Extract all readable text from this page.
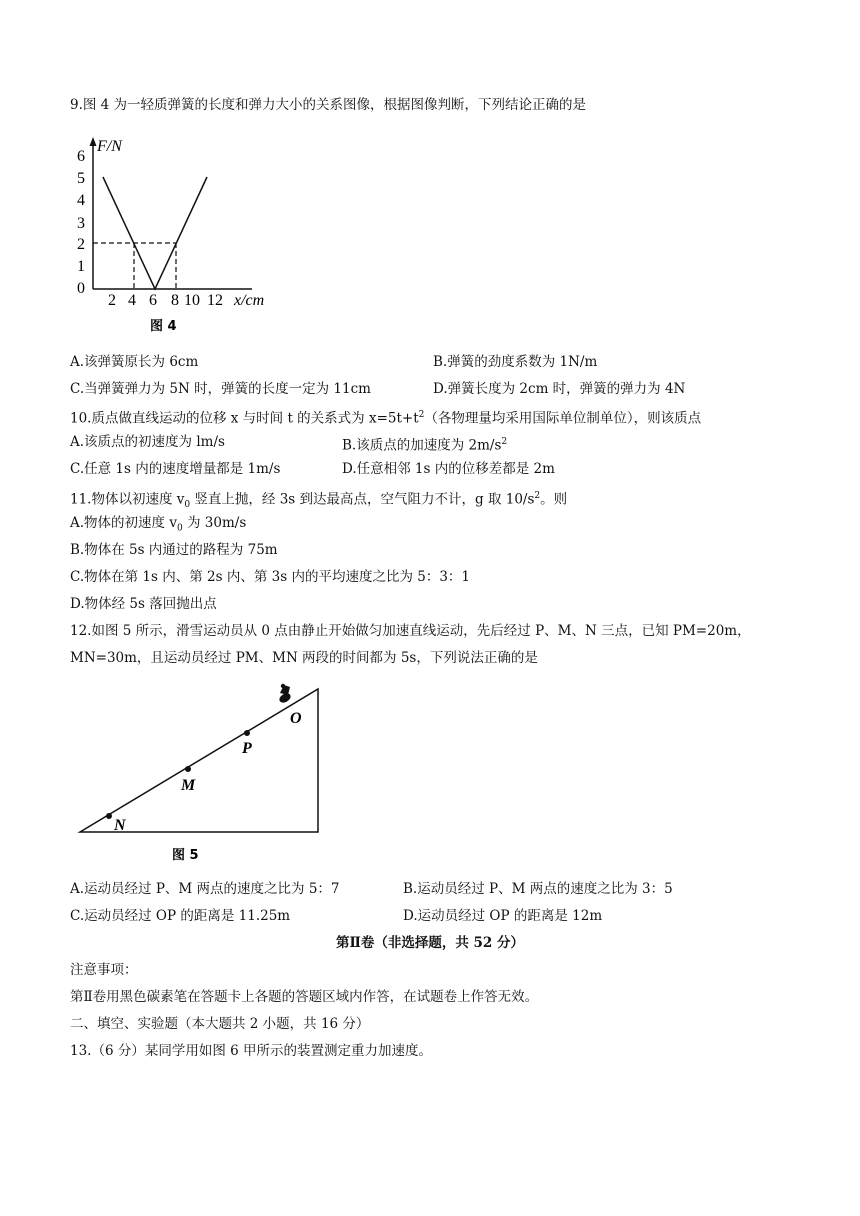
9.图 4 为一轻质弹簧的长度和弹力大小的关系图像，根据图像判断，下列结论正确的是
F/N
6
5
4
3
2
1
0
2 4 6 8 10 12 x/cm
图 4
A.该弹簧原长为 6cm	B.弹簧的劲度系数为 1N/m
C.当弹簧弹力为 5N 时，弹簧的长度一定为 11cm	D.弹簧长度为 2cm 时，弹簧的弹力为 4N
10.质点做直线运动的位移 x 与时间 t 的关系式为 $x=5t+t^2$（各物理量均采用国际单位制单位），则该质点
A.该质点的初速度为 lm/s	B.该质点的加速度为 $2m/s^2$
C.任意 1s 内的速度增量都是 1m/s	D.任意相邻 1s 内的位移差都是 2m
11.物体以初速度 $v_0$ 竖直上抛，经 3s 到达最高点，空气阻力不计，g 取 $10/s^2$。则
A.物体的初速度 $v_0$ 为 30m/s
B.物体在 5s 内通过的路程为 75m
C.物体在第 1s 内、第 2s 内、第 3s 内的平均速度之比为 5：3：1
D.物体经 5s 落回抛出点
12.如图 5 所示，滑雪运动员从 0 点由静止开始做匀加速直线运动，先后经过 P、M、N 三点，已知 PM=20m，
MN=30m，且运动员经过 PM、MN 两段的时间都为 5s，下列说法正确的是
O
P
M
N
图 5
A.运动员经过 P、M 两点的速度之比为 5：7	B.运动员经过 P、M 两点的速度之比为 3：5
C.运动员经过 OP 的距离是 11.25m	D.运动员经过 OP 的距离是 12m
第Ⅱ卷（非选择题，共 52 分）
注意事项：
第Ⅱ卷用黑色碳素笔在答题卡上各题的答题区域内作答，在试题卷上作答无效。
二、填空、实验题（本大题共 2 小题，共 16 分）
13.（6 分）某同学用如图 6 甲所示的装置测定重力加速度。
